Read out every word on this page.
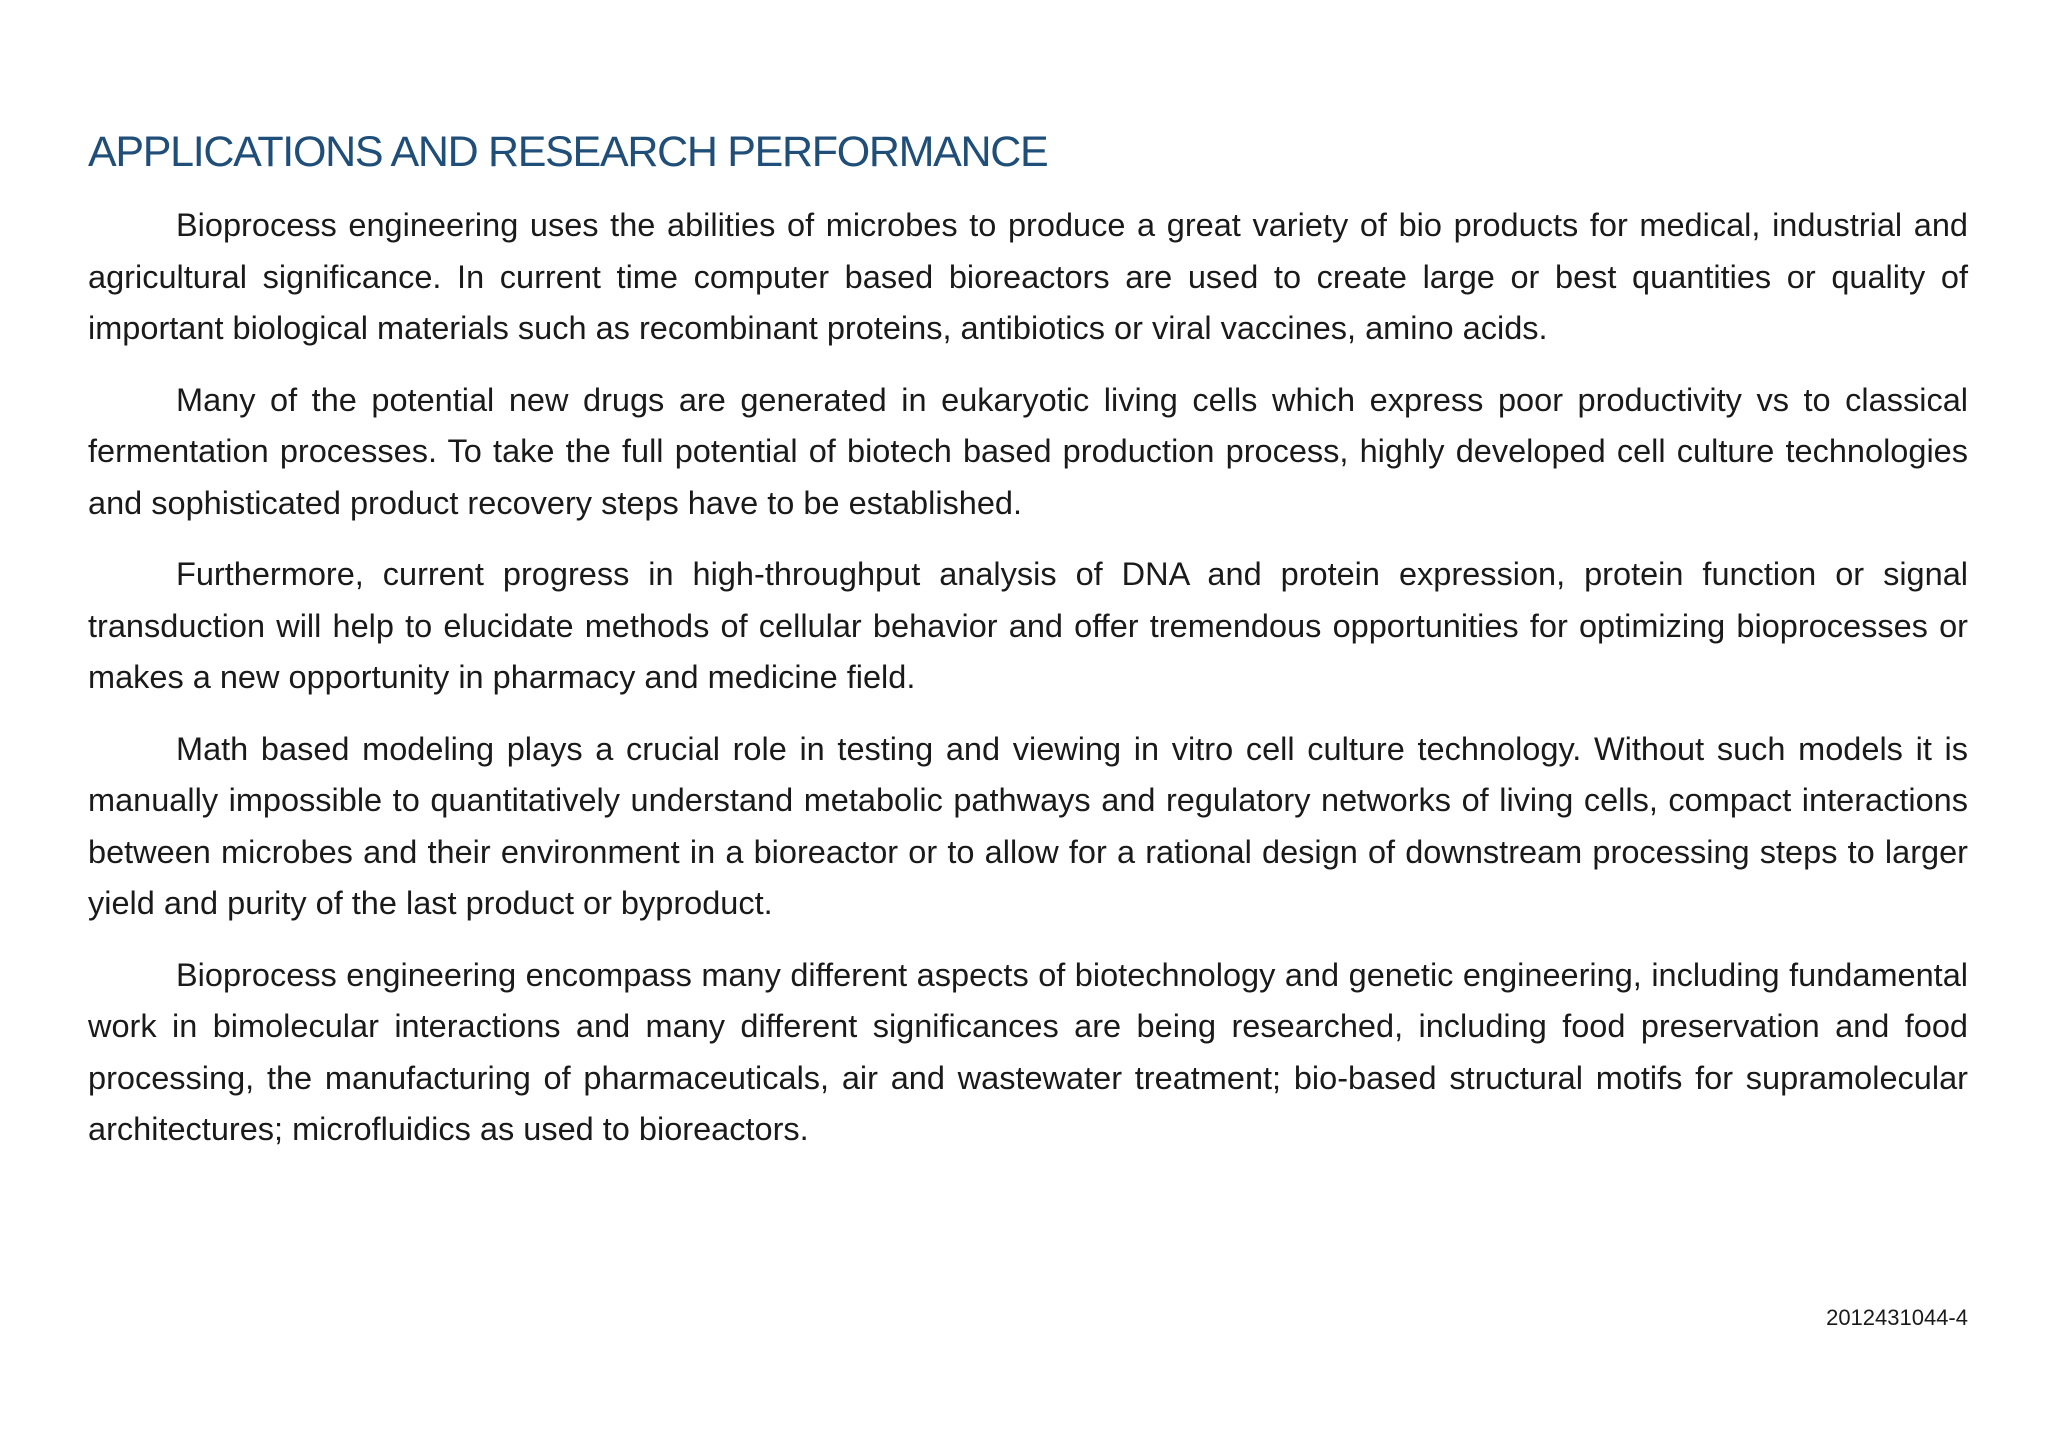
APPLICATIONS AND RESEARCH PERFORMANCE

Bioprocess engineering uses the abilities of microbes to produce a great variety of bio products for medical, industrial and agricultural significance. In current time computer based bioreactors are used to create large or best quantities or quality of important biological materials such as recombinant proteins, antibiotics or viral vaccines, amino acids.

Many of the potential new drugs are generated in eukaryotic living cells which express poor productivity vs to classical fermentation processes. To take the full potential of biotech based production process, highly developed cell culture technologies and sophisticated product recovery steps have to be established.

Furthermore, current progress in high-throughput analysis of DNA and protein expression, protein function or signal transduction will help to elucidate methods of cellular behavior and offer tremendous opportunities for optimizing bioprocesses or makes a new opportunity in pharmacy and medicine field.

Math based modeling plays a crucial role in testing and viewing in vitro cell culture technology. Without such models it is manually impossible to quantitatively understand metabolic pathways and regulatory networks of living cells, compact interactions between microbes and their environment in a bioreactor or to allow for a rational design of downstream processing steps to larger yield and purity of the last product or byproduct.

Bioprocess engineering encompass many different aspects of biotechnology and genetic engineering, including fundamental work in bimolecular interactions and many different significances are being researched, including food preservation and food processing, the manufacturing of pharmaceuticals, air and wastewater treatment; bio-based structural motifs for supramolecular architectures; microfluidics as used to bioreactors.

2012431044-4
